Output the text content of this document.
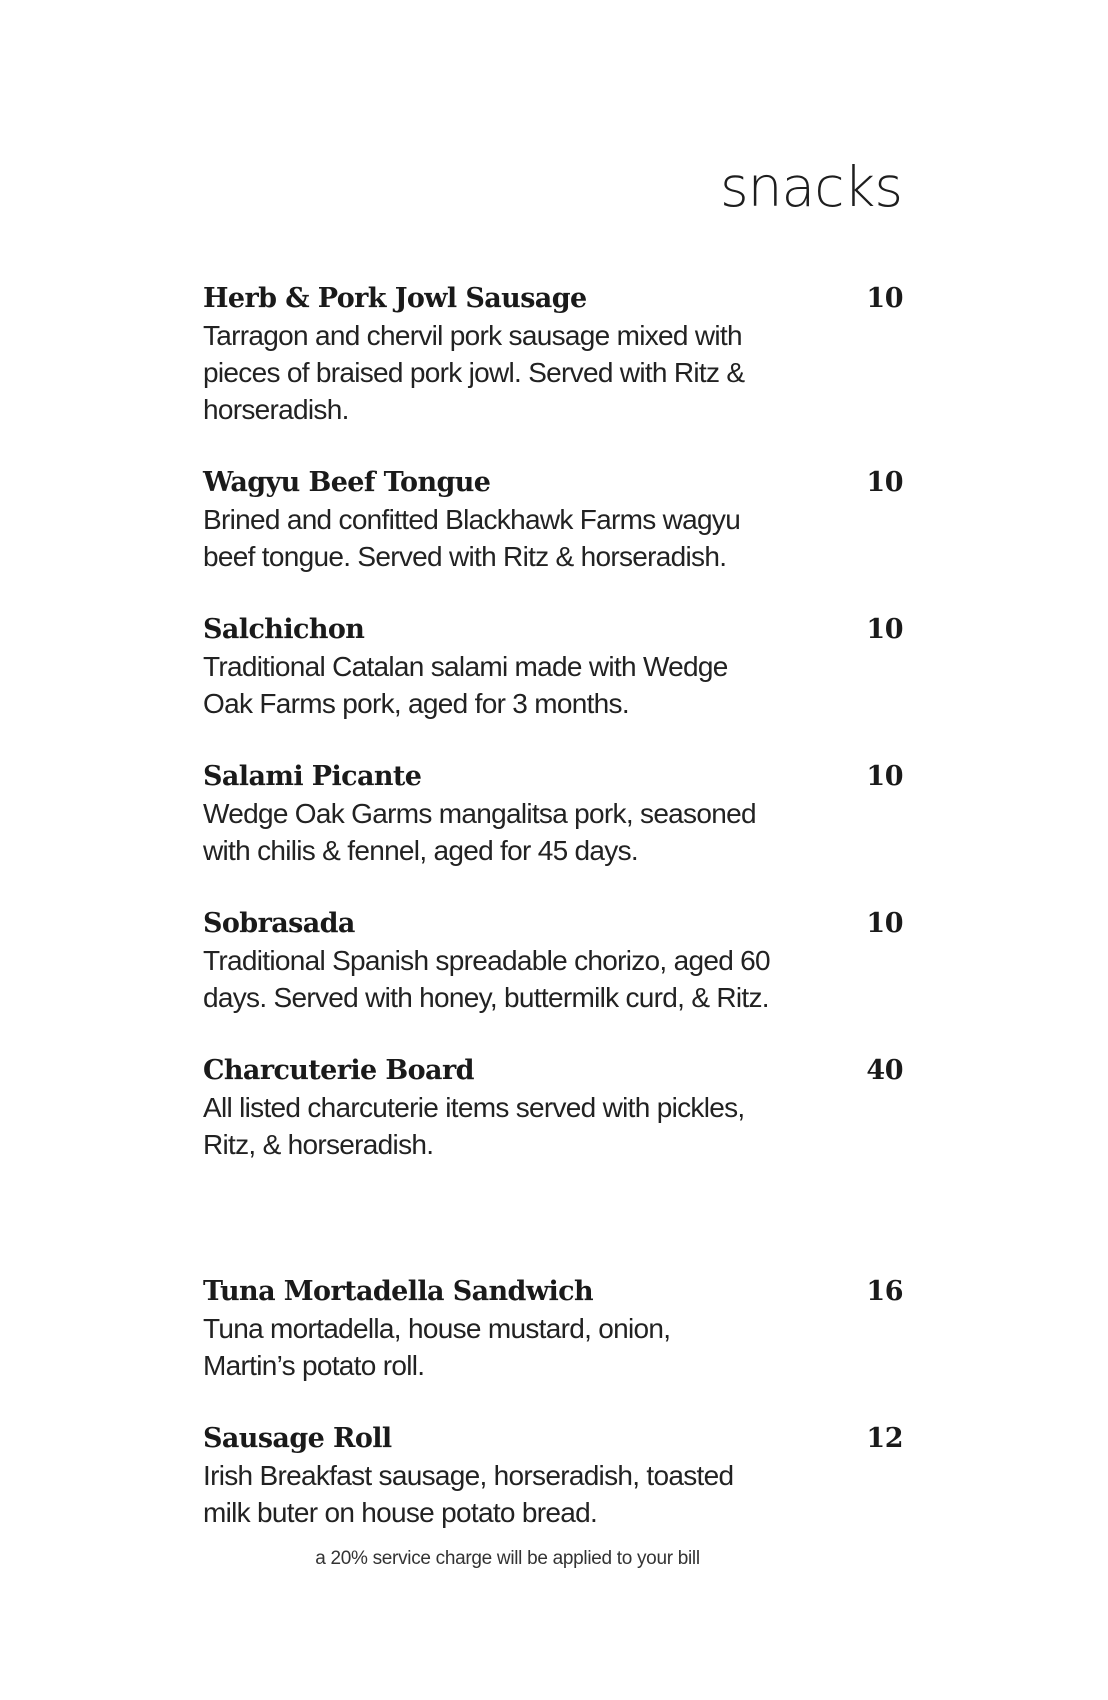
snacks
Herb & Pork Jowl Sausage	10
Tarragon and chervil pork sausage mixed with
pieces of braised pork jowl. Served with Ritz &
horseradish.
Wagyu Beef Tongue	10
Brined and confitted Blackhawk Farms wagyu
beef tongue. Served with Ritz & horseradish.
Salchichon	10
Traditional Catalan salami made with Wedge
Oak Farms pork, aged for 3 months.
Salami Picante	10
Wedge Oak Garms mangalitsa pork, seasoned
with chilis & fennel, aged for 45 days.
Sobrasada	10
Traditional Spanish spreadable chorizo, aged 60
days. Served with honey, buttermilk curd, & Ritz.
Charcuterie Board	40
All listed charcuterie items served with pickles,
Ritz, & horseradish.
Tuna Mortadella Sandwich	16
Tuna mortadella, house mustard, onion,
Martin’s potato roll.
Sausage Roll	12
Irish Breakfast sausage, horseradish, toasted
milk buter on house potato bread.
a 20% service charge will be applied to your bill
